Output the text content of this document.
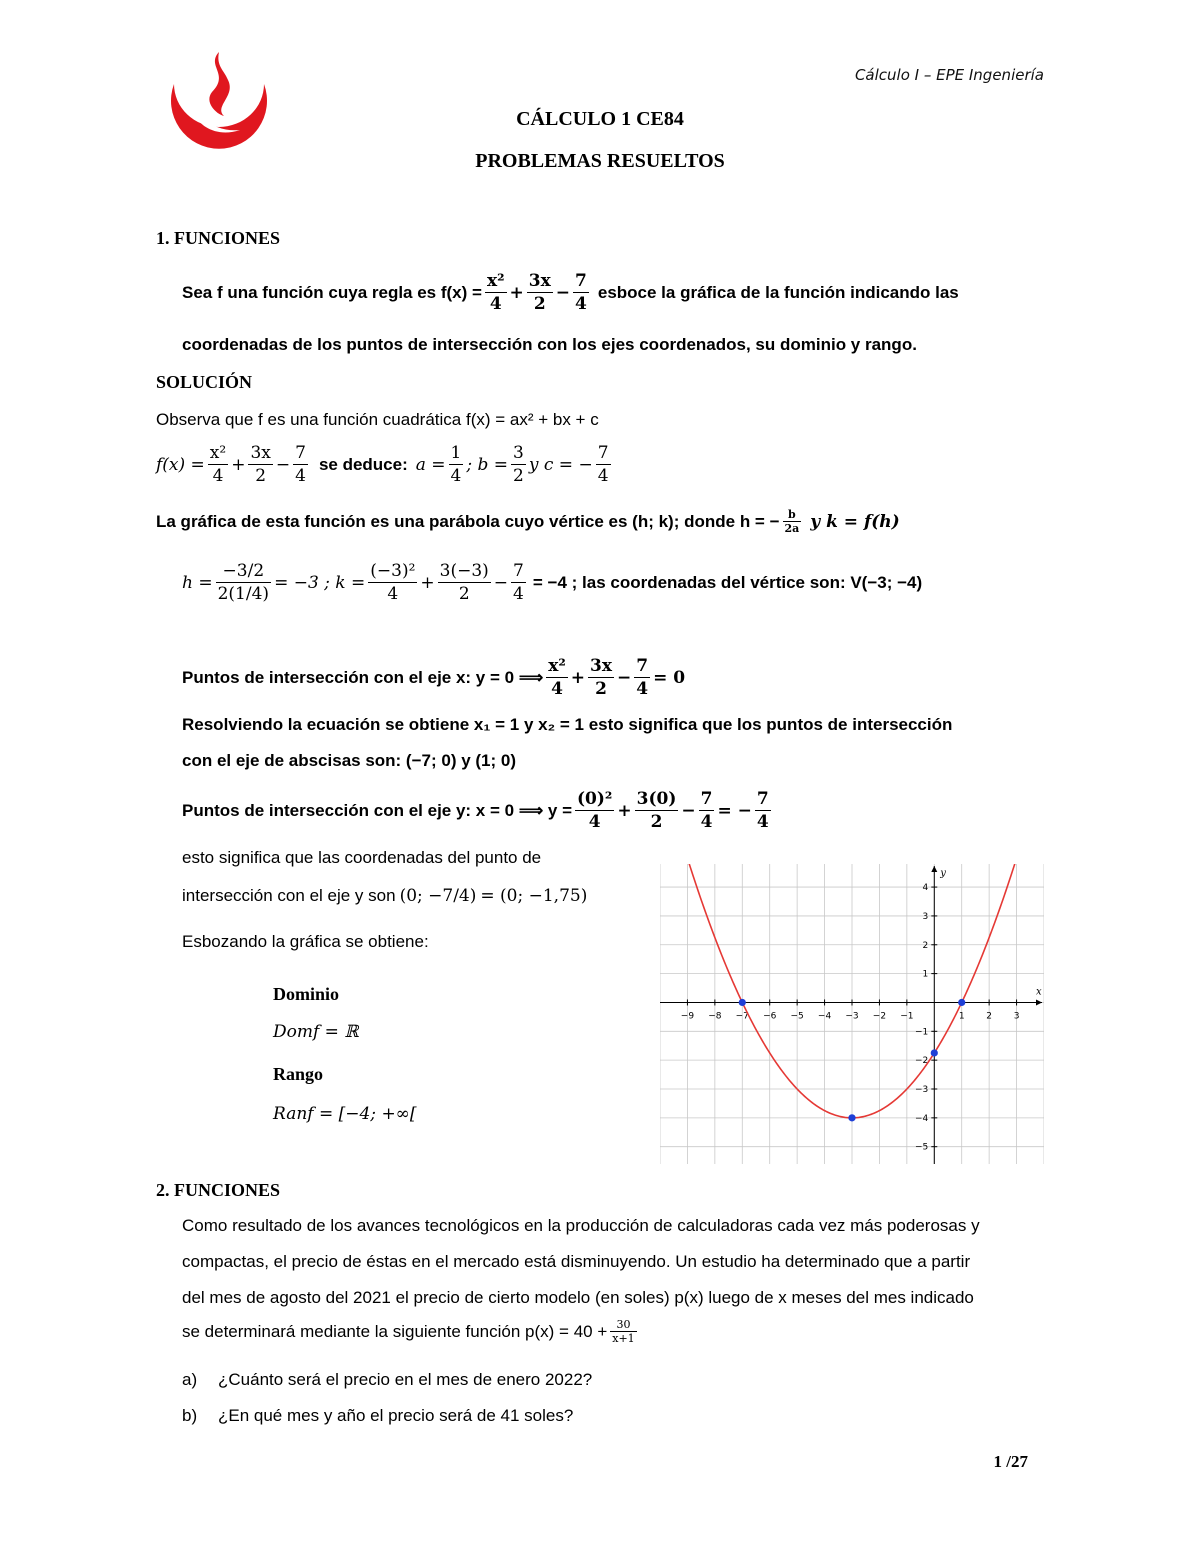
Cálculo I – EPE Ingeniería
CÁLCULO 1 CE84
PROBLEMAS RESUELTOS
1. FUNCIONES
Sea f una función cuya regla es $f(x) = \frac{\text{x²}}{4} + \frac{3x}{2} - \frac{7}{4}$ esboce la gráfica de la función indicando las
coordenadas de los puntos de intersección con los ejes coordenados, su dominio y rango.
SOLUCIÓN
Observa que f es una función cuadrática f(x) = ax² + bx + c
$f(x) = \frac{\text{x²}}{4} + \frac{3x}{2} - \frac{7}{4}$ se deduce: $a = \frac{1}{4}$ ; $b = \frac{3}{2}$ y c = − $\frac{7}{4}$
La gráfica de esta función es una parábola cuyo vértice es (h; k); donde h = − $\frac{b}{2a}$ y k = f(h)
$h = \frac{-3/2}{2(1/4)} = -3$ ; $k = \frac{\text{(−3)²}}{4} + \frac{3(-3)}{2} - \frac{7}{4} = -4$ ; las coordenadas del vértice son: V(−3; −4)
Puntos de intersección con el eje x: y = 0 ⟹ $\frac{\text{x²}}{4} + \frac{3x}{2} - \frac{7}{4} = 0$
Resolviendo la ecuación se obtiene x₁ = 1 y x₂ = 1 esto significa que los puntos de intersección
con el eje de abscisas son: (−7; 0) y (1; 0)
Puntos de intersección con el eje y: x = 0 ⟹ $y = \frac{\text{(0)²}}{4} + \frac{3(0)}{2} - \frac{7}{4}$ = − $\frac{7}{4}$
esto significa que las coordenadas del punto de
intersección con el eje y son (0; −7/4) = (0; −1,75)
Esbozando la gráfica se obtiene:
Dominio
Domf = ℝ
Rango
Ranf = [−4; +∞[
−9 −8 −7 −6 −5 −4 −3 −2 −1	1 2 3
4
3
2
1
−1
−2
−3
−4
−5
x
y
2. FUNCIONES
Como resultado de los avances tecnológicos en la producción de calculadoras cada vez más poderosas y
compactas, el precio de éstas en el mercado está disminuyendo. Un estudio ha determinado que a partir
del mes de agosto del 2021 el precio de cierto modelo (en soles) p(x) luego de x meses del mes indicado
se determinará mediante la siguiente función $p(x) = 40 + \frac{30}{x+1}$
a) ¿Cuánto será el precio en el mes de enero 2022?
b) ¿En qué mes y año el precio será de 41 soles?
1 /27
